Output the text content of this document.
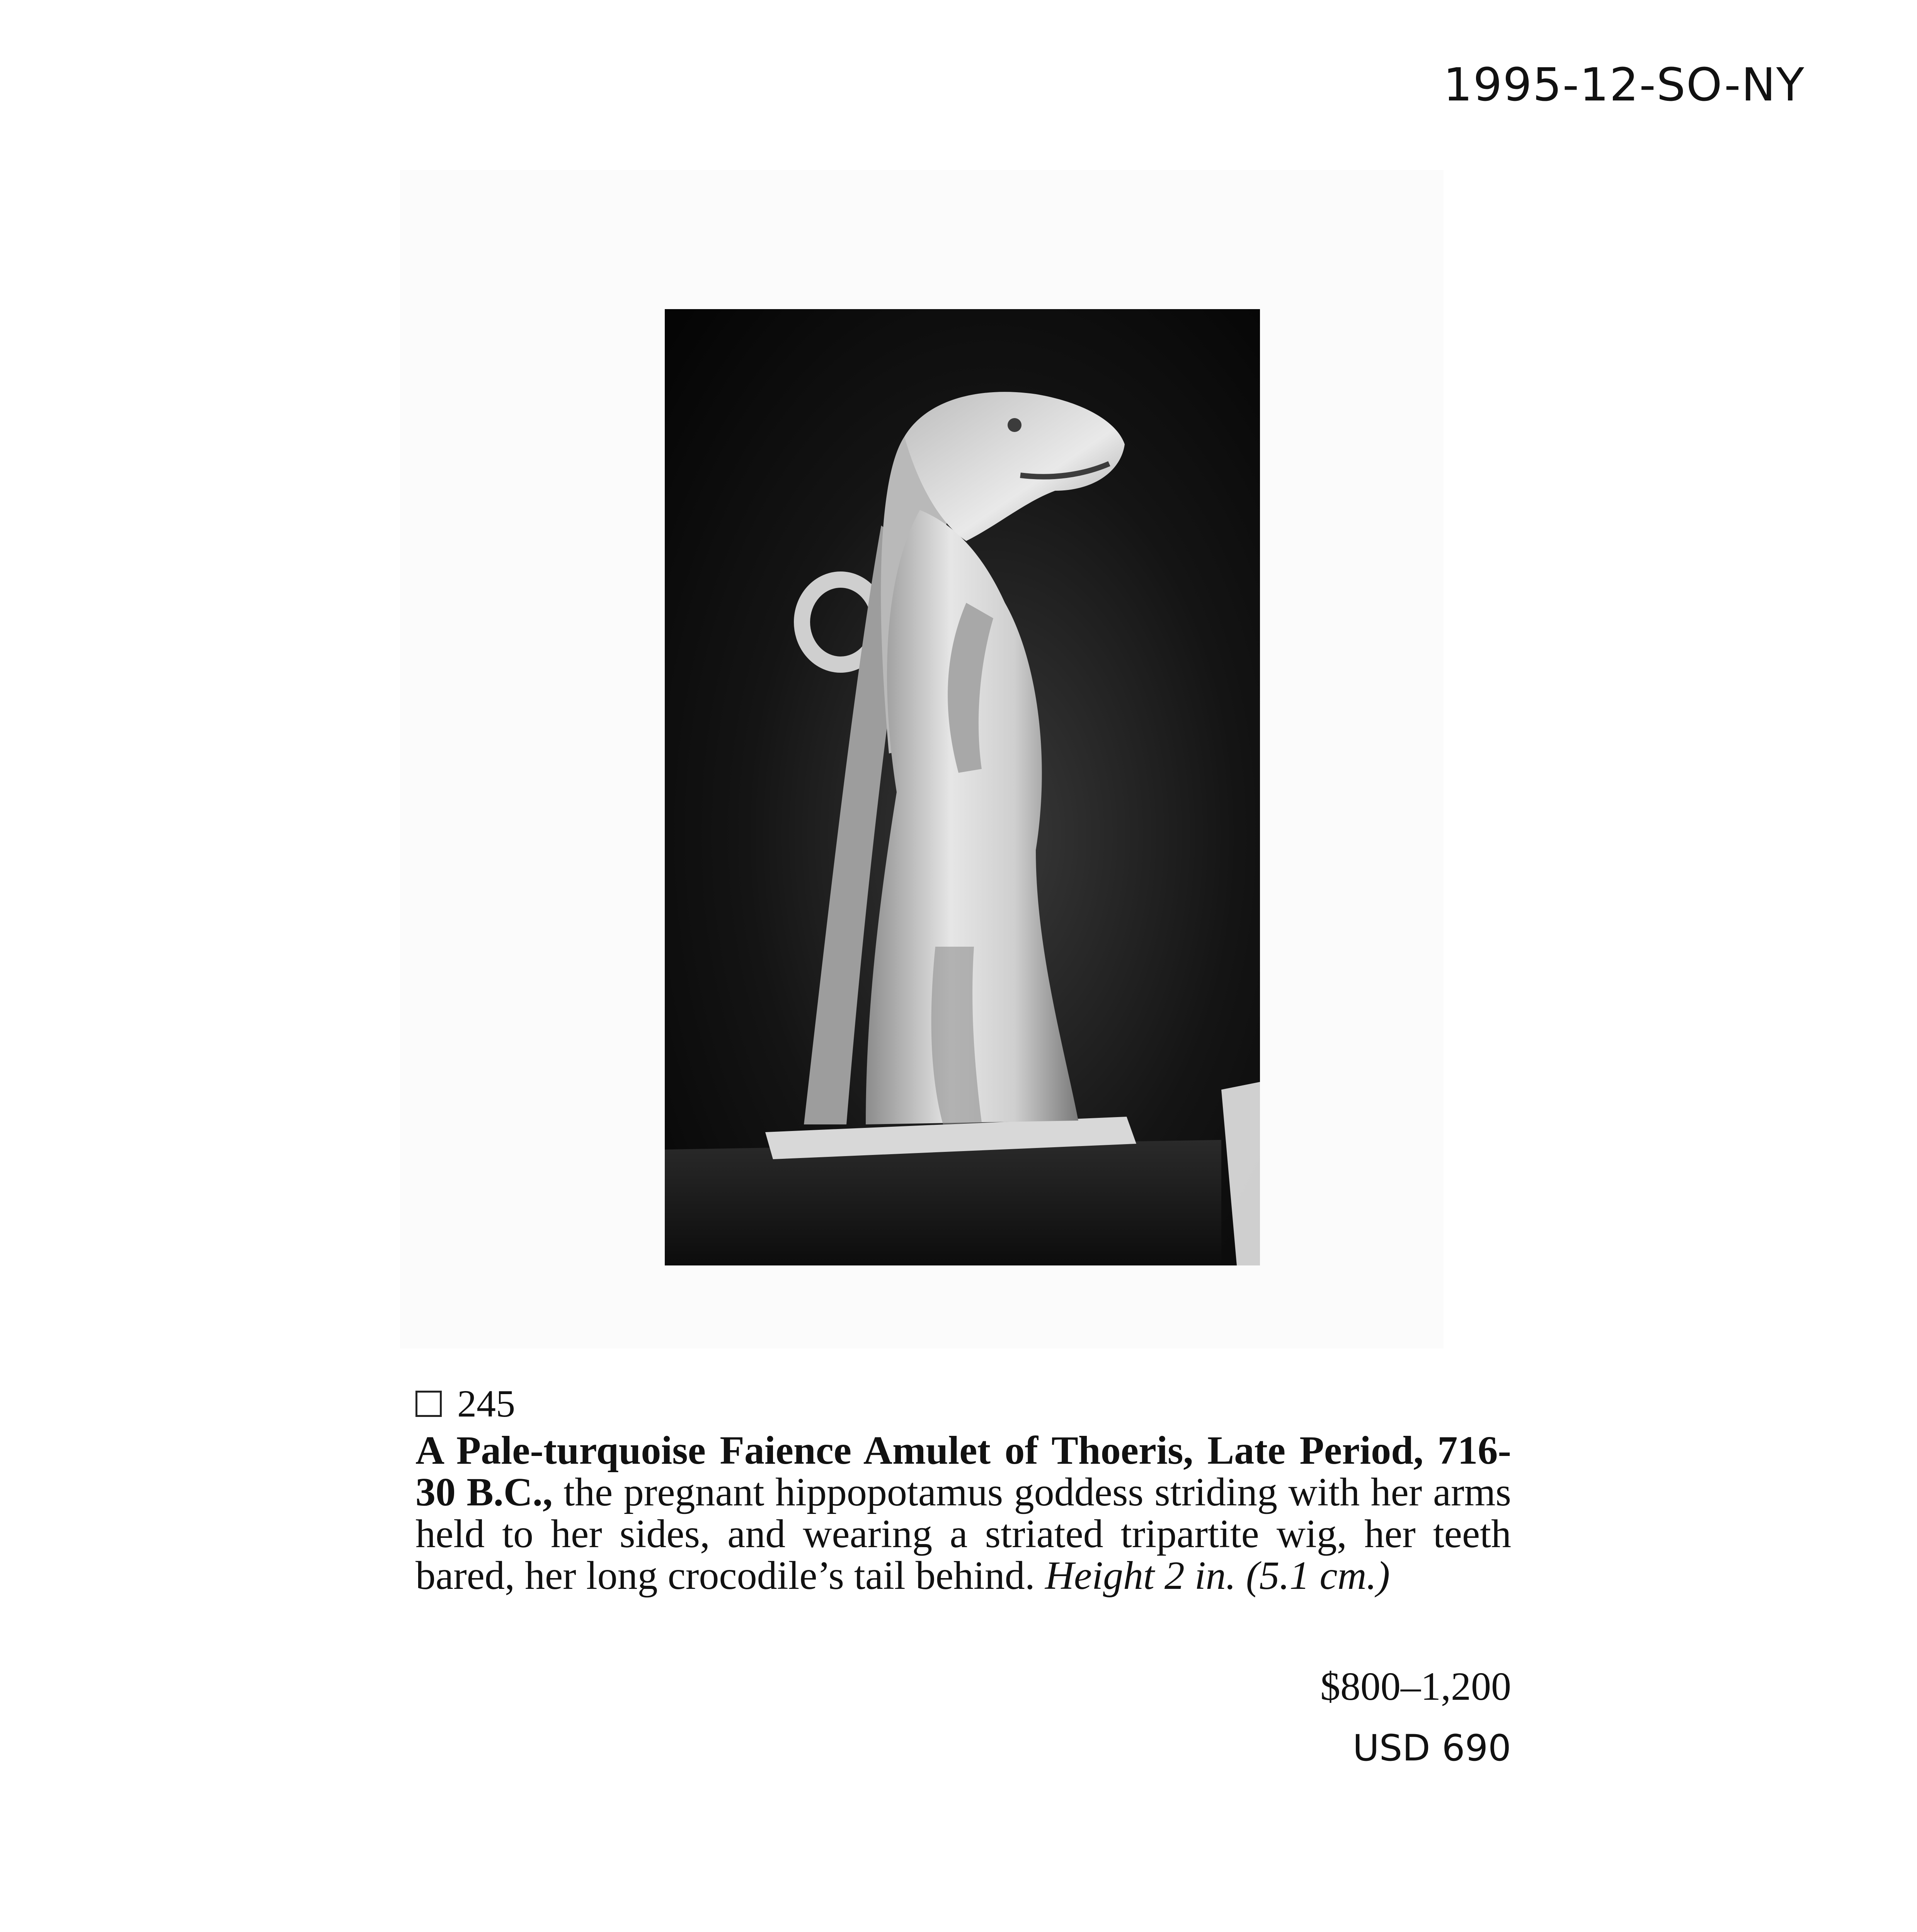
1995-12-SO-NY
245

A Pale-turquoise Faience Amulet of Thoeris, Late Period, 716-30 B.C., the pregnant hippopotamus goddess striding with her arms held to her sides, and wearing a striated tripartite wig, her teeth bared, her long crocodile’s tail behind. Height 2 in. (5.1 cm.)

$800–1,200
USD 690
